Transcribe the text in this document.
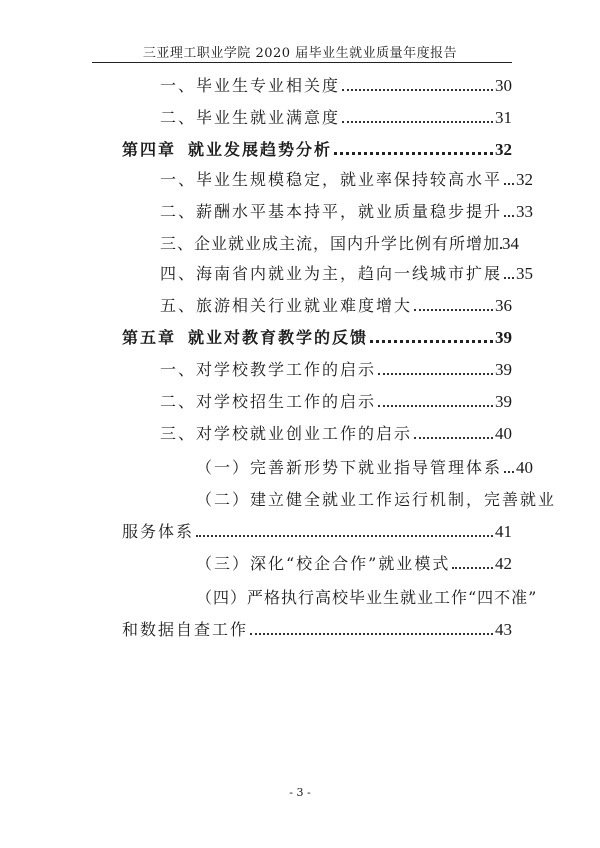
三亚理工职业学院 2020 届毕业生就业质量年度报告
一、毕业生专业相关度	30
二、毕业生就业满意度	31
第四章 就业发展趋势分析	32
一、毕业生规模稳定，就业率保持较高水平 32
二、薪酬水平基本持平，就业质量稳步提升 33
三、企业就业成主流，国内升学比例有所增加 34
四、海南省内就业为主，趋向一线城市扩展 35
五、旅游相关行业就业难度增大	36
第五章 就业对教育教学的反馈	39
一、对学校教学工作的启示	39
二、对学校招生工作的启示	39
三、对学校就业创业工作的启示	40
（一）完善新形势下就业指导管理体系 40
（二）建立健全就业工作运行机制，完善就业
服务体系	41
（三）深化“校企合作”就业模式	42
（四）严格执行高校毕业生就业工作“四不准”
和数据自查工作	43
- 3 -
